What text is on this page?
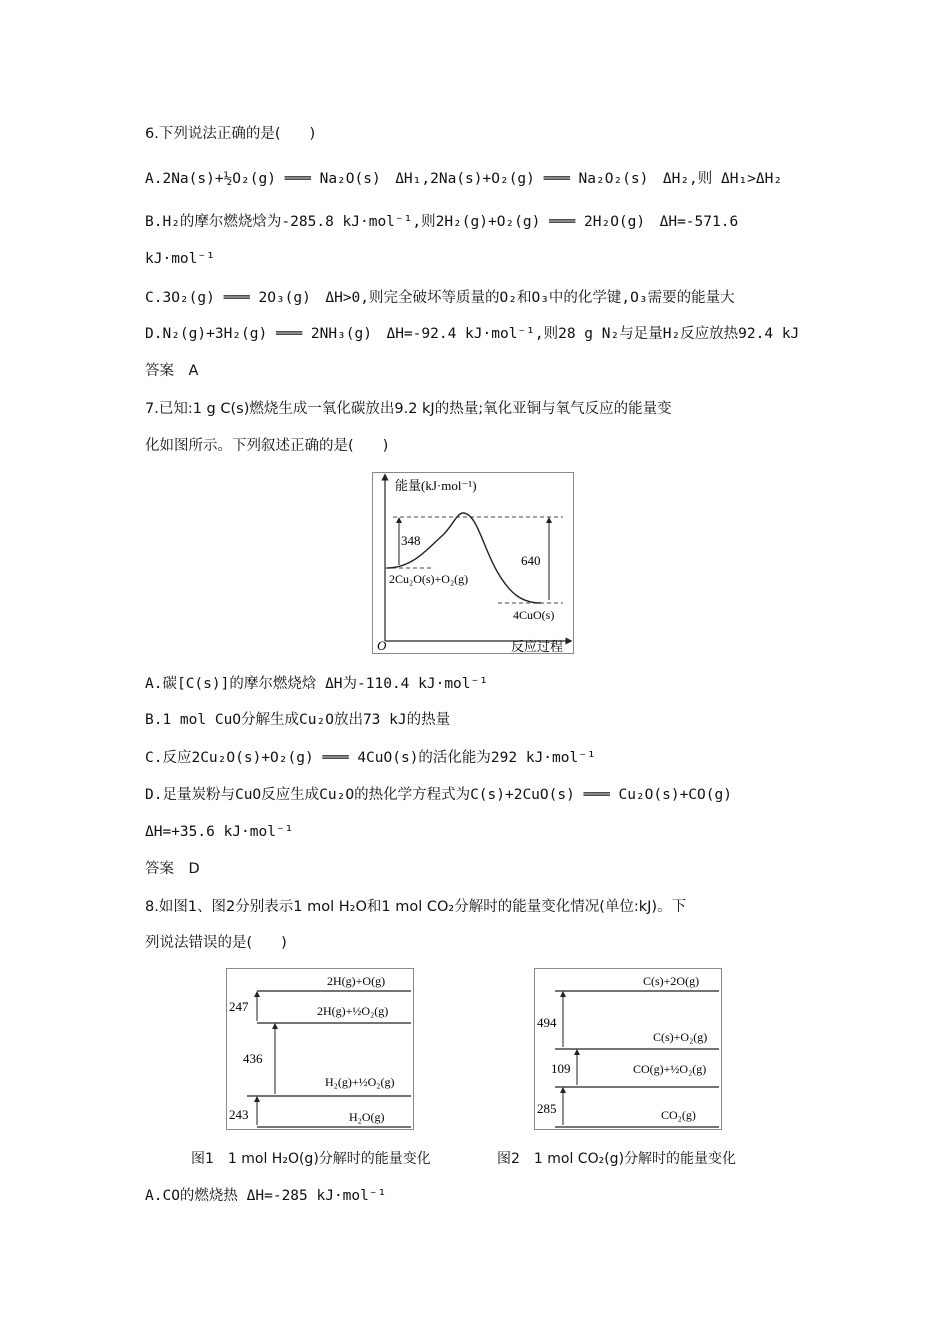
6.下列说法正确的是(　　)
A.2Na(s)+½O₂(g) ═══ Na₂O(s)　ΔH₁,2Na(s)+O₂(g) ═══ Na₂O₂(s)　ΔH₂,则 ΔH₁>ΔH₂
B.H₂的摩尔燃烧焓为-285.8 kJ·mol⁻¹,则2H₂(g)+O₂(g) ═══ 2H₂O(g)　ΔH=-571.6
kJ·mol⁻¹
C.3O₂(g) ═══ 2O₃(g)　ΔH>0,则完全破坏等质量的O₂和O₃中的化学键,O₃需要的能量大
D.N₂(g)+3H₂(g) ═══ 2NH₃(g)　ΔH=-92.4 kJ·mol⁻¹,则28 g N₂与足量H₂反应放热92.4 kJ
答案　A
7.已知:1 g C(s)燃烧生成一氧化碳放出9.2 kJ的热量;氧化亚铜与氧气反应的能量变
化如图所示。下列叙述正确的是(　　)
能量(kJ·mol⁻¹)
O	反应过程
348
640
2Cu₂O(s)+O₂(g)
4CuO(s)
A.碳[C(s)]的摩尔燃烧焓 ΔH为-110.4 kJ·mol⁻¹
B.1 mol CuO分解生成Cu₂O放出73 kJ的热量
C.反应2Cu₂O(s)+O₂(g) ═══ 4CuO(s)的活化能为292 kJ·mol⁻¹
D.足量炭粉与CuO反应生成Cu₂O的热化学方程式为C(s)+2CuO(s) ═══ Cu₂O(s)+CO(g)
ΔH=+35.6 kJ·mol⁻¹
答案　D
8.如图1、图2分别表示1 mol H₂O和1 mol CO₂分解时的能量变化情况(单位:kJ)。下
列说法错误的是(　　)
2H(g)+O(g)
2H(g)+½O₂(g)
H₂(g)+½O₂(g)
H₂O(g)
247
436
243
C(s)+2O(g)
C(s)+O₂(g)
CO(g)+½O₂(g)
CO₂(g)
494
109
285
图1　1 mol H₂O(g)分解时的能量变化	图2　1 mol CO₂(g)分解时的能量变化
A.CO的燃烧热 ΔH=-285 kJ·mol⁻¹
